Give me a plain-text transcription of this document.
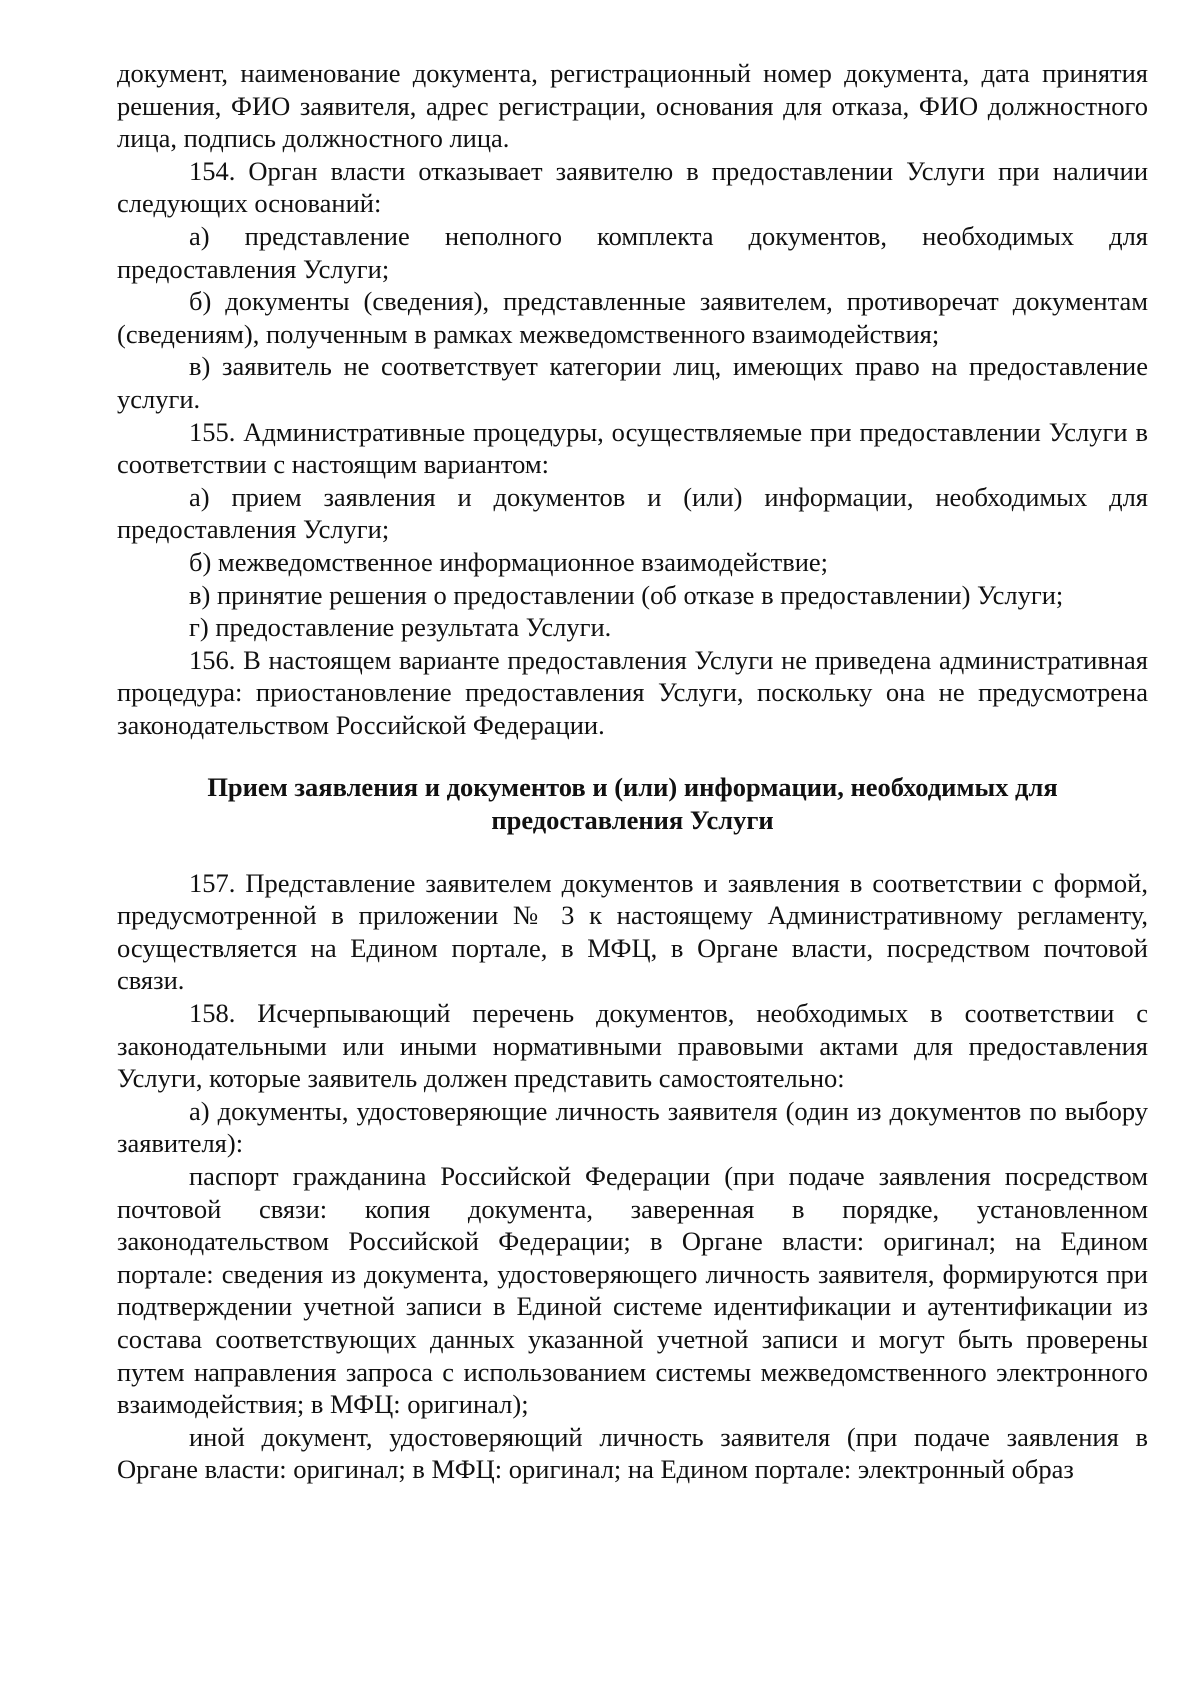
документ, наименование документа, регистрационный номер документа, дата принятия решения, ФИО заявителя, адрес регистрации, основания для отказа, ФИО должностного лица, подпись должностного лица.

154. Орган власти отказывает заявителю в предоставлении Услуги при наличии следующих оснований:

а) представление неполного комплекта документов, необходимых для предоставления Услуги;

б) документы (сведения), представленные заявителем, противоречат документам (сведениям), полученным в рамках межведомственного взаимодействия;

в) заявитель не соответствует категории лиц, имеющих право на предоставление услуги.

155. Административные процедуры, осуществляемые при предоставлении Услуги в соответствии с настоящим вариантом:

а) прием заявления и документов и (или) информации, необходимых для предоставления Услуги;

б) межведомственное информационное взаимодействие;

в) принятие решения о предоставлении (об отказе в предоставлении) Услуги;

г) предоставление результата Услуги.

156. В настоящем варианте предоставления Услуги не приведена административная процедура: приостановление предоставления Услуги, поскольку она не предусмотрена законодательством Российской Федерации.

Прием заявления и документов и (или) информации, необходимых для

предоставления Услуги

157. Представление заявителем документов и заявления в соответствии с формой, предусмотренной в приложении № 3 к настоящему Административному регламенту, осуществляется на Едином портале, в МФЦ, в Органе власти, посредством почтовой связи.

158. Исчерпывающий перечень документов, необходимых в соответствии с законодательными или иными нормативными правовыми актами для предоставления Услуги, которые заявитель должен представить самостоятельно:

а) документы, удостоверяющие личность заявителя (один из документов по выбору заявителя):

паспорт гражданина Российской Федерации (при подаче заявления посредством почтовой связи: копия документа, заверенная в порядке, установленном законодательством Российской Федерации; в Органе власти: оригинал; на Едином портале: сведения из документа, удостоверяющего личность заявителя, формируются при подтверждении учетной записи в Единой системе идентификации и аутентификации из состава соответствующих данных указанной учетной записи и могут быть проверены путем направления запроса с использованием системы межведомственного электронного взаимодействия; в МФЦ: оригинал);

иной документ, удостоверяющий личность заявителя (при подаче заявления в Органе власти: оригинал; в МФЦ: оригинал; на Едином портале: электронный образ
